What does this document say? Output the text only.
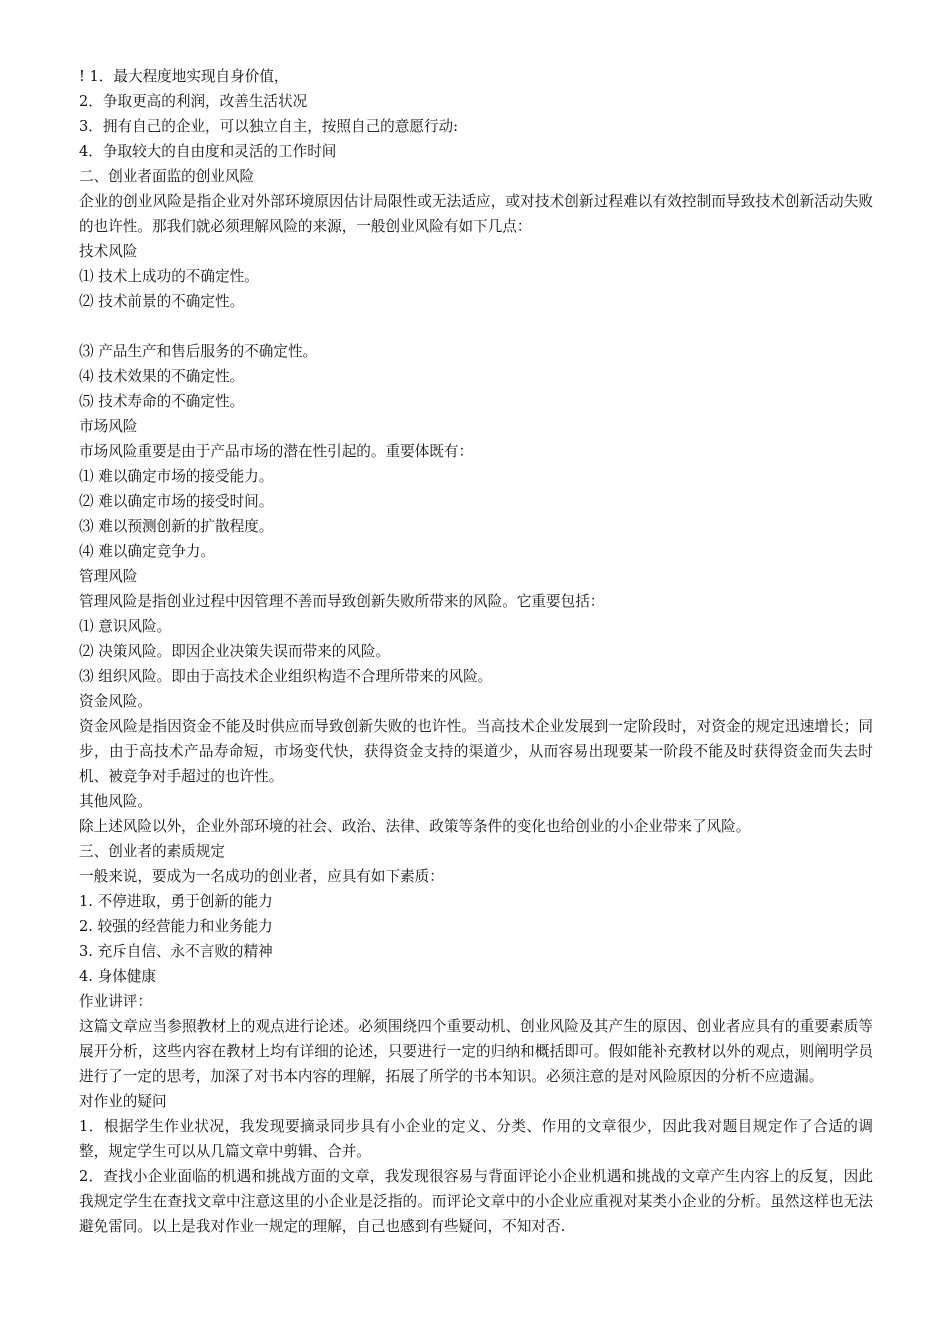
! 1．最大程度地实现自身价值，
2．争取更高的利润，改善生活状况
3．拥有自己的企业，可以独立自主，按照自己的意愿行动:
4．争取较大的自由度和灵活的工作时间
二、创业者面监的创业风险
企业的创业风险是指企业对外部环境原因估计局限性或无法适应，或对技术创新过程难以有效控制而导致技术创新活动失败的也许性。那我们就必须理解风险的来源，一般创业风险有如下几点：
技术风险
⑴ 技术上成功的不确定性。
⑵ 技术前景的不确定性。
⑶ 产品生产和售后服务的不确定性。
⑷ 技术效果的不确定性。
⑸ 技术寿命的不确定性。
市场风险
市场风险重要是由于产品市场的潜在性引起的。重要体既有：
⑴ 难以确定市场的接受能力。
⑵ 难以确定市场的接受时间。
⑶ 难以预测创新的扩散程度。
⑷ 难以确定竞争力。
管理风险
管理风险是指创业过程中因管理不善而导致创新失败所带来的风险。它重要包括：
⑴ 意识风险。
⑵ 决策风险。即因企业决策失误而带来的风险。
⑶ 组织风险。即由于高技术企业组织构造不合理所带来的风险。
资金风险。
资金风险是指因资金不能及时供应而导致创新失败的也许性。当高技术企业发展到一定阶段时，对资金的规定迅速增长；同步，由于高技术产品寿命短，市场变代快，获得资金支持的渠道少，从而容易出现要某一阶段不能及时获得资金而失去时机、被竞争对手超过的也许性。
其他风险。
除上述风险以外，企业外部环境的社会、政治、法律、政策等条件的变化也给创业的小企业带来了风险。
三、创业者的素质规定
一般来说，要成为一名成功的创业者，应具有如下素质：
1. 不停进取，勇于创新的能力
2. 较强的经营能力和业务能力
3. 充斥自信、永不言败的精神
4. 身体健康
作业讲评：
这篇文章应当参照教材上的观点进行论述。必须围绕四个重要动机、创业风险及其产生的原因、创业者应具有的重要素质等展开分析，这些内容在教材上均有详细的论述，只要进行一定的归纳和概括即可。假如能补充教材以外的观点，则阐明学员进行了一定的思考，加深了对书本内容的理解，拓展了所学的书本知识。必须注意的是对风险原因的分析不应遗漏。
对作业的疑问
1．根据学生作业状况，我发现要摘录同步具有小企业的定义、分类、作用的文章很少，因此我对题目规定作了合适的调整，规定学生可以从几篇文章中剪辑、合并。
2．查找小企业面临的机遇和挑战方面的文章，我发现很容易与背面评论小企业机遇和挑战的文章产生内容上的反复，因此我规定学生在查找文章中注意这里的小企业是泛指的。而评论文章中的小企业应重视对某类小企业的分析。虽然这样也无法避免雷同。以上是我对作业一规定的理解，自己也感到有些疑问，不知对否.
